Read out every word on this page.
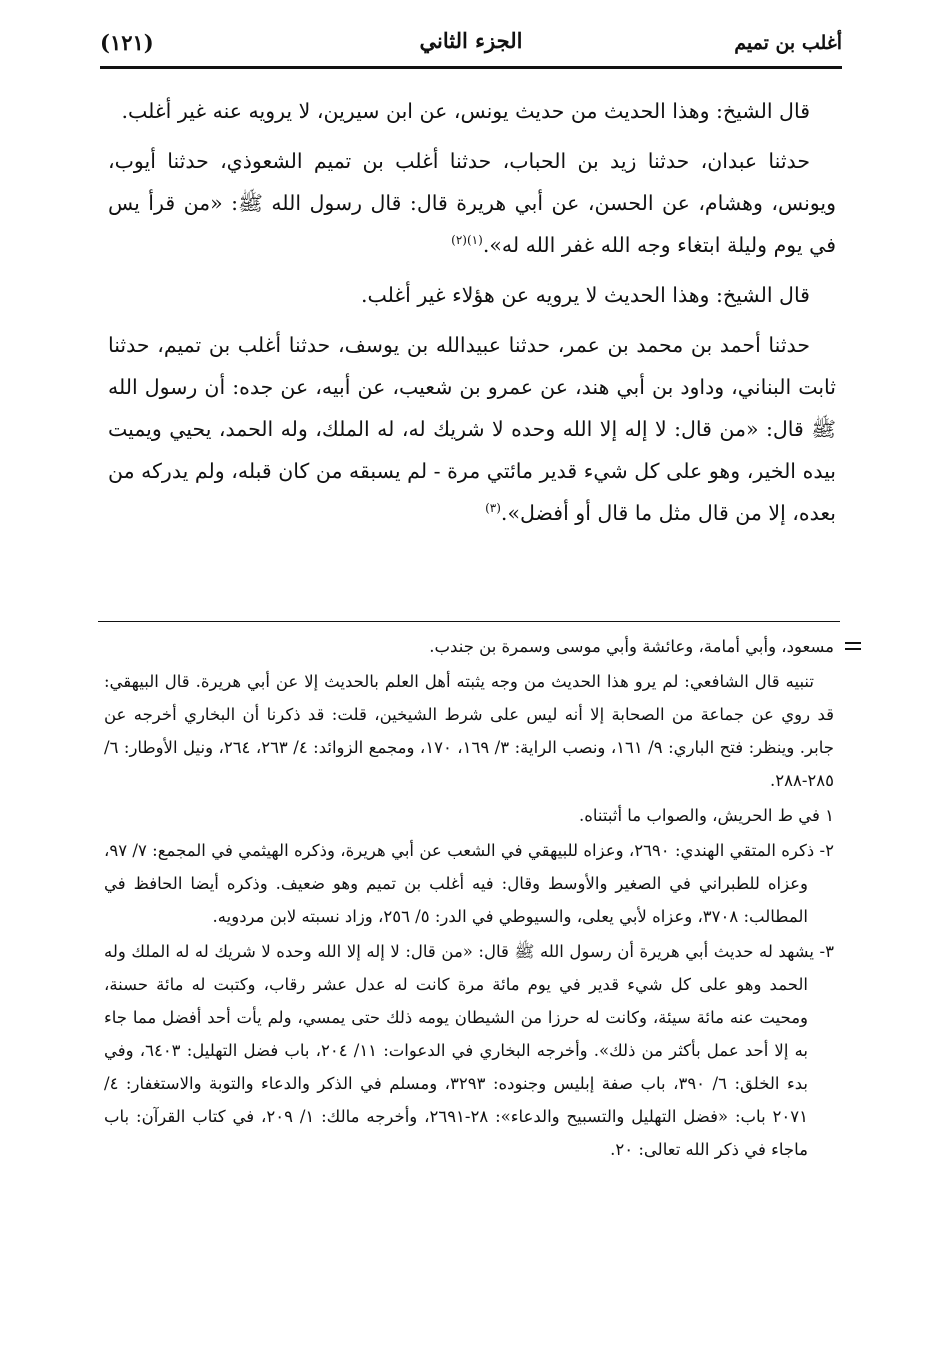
أغلب بن تميم
الجزء الثاني
(١٢١)

قال الشيخ: وهذا الحديث من حديث يونس، عن ابن سيرين، لا يرويه عنه غير أغلب.

حدثنا عبدان، حدثنا زيد بن الحباب، حدثنا أغلب بن تميم الشعوذي، حدثنا أيوب، ويونس، وهشام، عن الحسن، عن أبي هريرة قال: قال رسول الله ﷺ: «من قرأ يس في يوم وليلة ابتغاء وجه الله غفر الله له».$^{(١)(٢)}$

قال الشيخ: وهذا الحديث لا يرويه عن هؤلاء غير أغلب.

حدثنا أحمد بن محمد بن عمر، حدثنا عبيدالله بن يوسف، حدثنا أغلب بن تميم، حدثنا ثابت البناني، وداود بن أبي هند، عن عمرو بن شعيب، عن أبيه، عن جده: أن رسول الله ﷺ قال: «من قال: لا إله إلا الله وحده لا شريك له، له الملك، وله الحمد، يحيي ويميت بيده الخير، وهو على كل شيء قدير مائتي مرة - لم يسبقه من كان قبله، ولم يدركه من بعده، إلا من قال مثل ما قال أو أفضل».$^{(٣)}$

مسعود، وأبي أمامة، وعائشة وأبي موسى وسمرة بن جندب.

تنبيه قال الشافعي: لم يرو هذا الحديث من وجه يثبته أهل العلم بالحديث إلا عن أبي هريرة. قال البيهقي: قد روي عن جماعة من الصحابة إلا أنه ليس على شرط الشيخين، قلت: قد ذكرنا أن البخاري أخرجه عن جابر. وينظر: فتح الباري: ٩/ ١٦١، ونصب الراية: ٣/ ١٦٩، ١٧٠، ومجمع الزوائد: ٤/ ٢٦٣، ٢٦٤، ونيل الأوطار: ٦/ ٢٨٥-٢٨٨.

١ في ط الحريش، والصواب ما أثبتناه.

٢- ذكره المتقي الهندي: ٢٦٩٠، وعزاه للبيهقي في الشعب عن أبي هريرة، وذكره الهيثمي في المجمع: ٧/ ٩٧، وعزاه للطبراني في الصغير والأوسط وقال: فيه أغلب بن تميم وهو ضعيف. وذكره أيضا الحافظ في المطالب: ٣٧٠٨، وعزاه لأبي يعلى، والسيوطي في الدر: ٥/ ٢٥٦، وزاد نسبته لابن مردويه.

٣- يشهد له حديث أبي هريرة أن رسول الله ﷺ قال: «من قال: لا إله إلا الله وحده لا شريك له له الملك وله الحمد وهو على كل شيء قدير في يوم مائة مرة كانت له عدل عشر رقاب، وكتبت له مائة حسنة، ومحيت عنه مائة سيئة، وكانت له حرزا من الشيطان يومه ذلك حتى يمسي، ولم يأت أحد أفضل مما جاء به إلا أحد عمل بأكثر من ذلك». وأخرجه البخاري في الدعوات: ١١/ ٢٠٤، باب فضل التهليل: ٦٤٠٣، وفي بدء الخلق: ٦/ ٣٩٠، باب صفة إبليس وجنوده: ٣٢٩٣، ومسلم في الذكر والدعاء والتوبة والاستغفار: ٤/ ٢٠٧١ باب: «فضل التهليل والتسبيح والدعاء»: ٢٨-٢٦٩١، وأخرجه مالك: ١/ ٢٠٩، في كتاب القرآن: باب ماجاء في ذكر الله تعالى: ٢٠.
